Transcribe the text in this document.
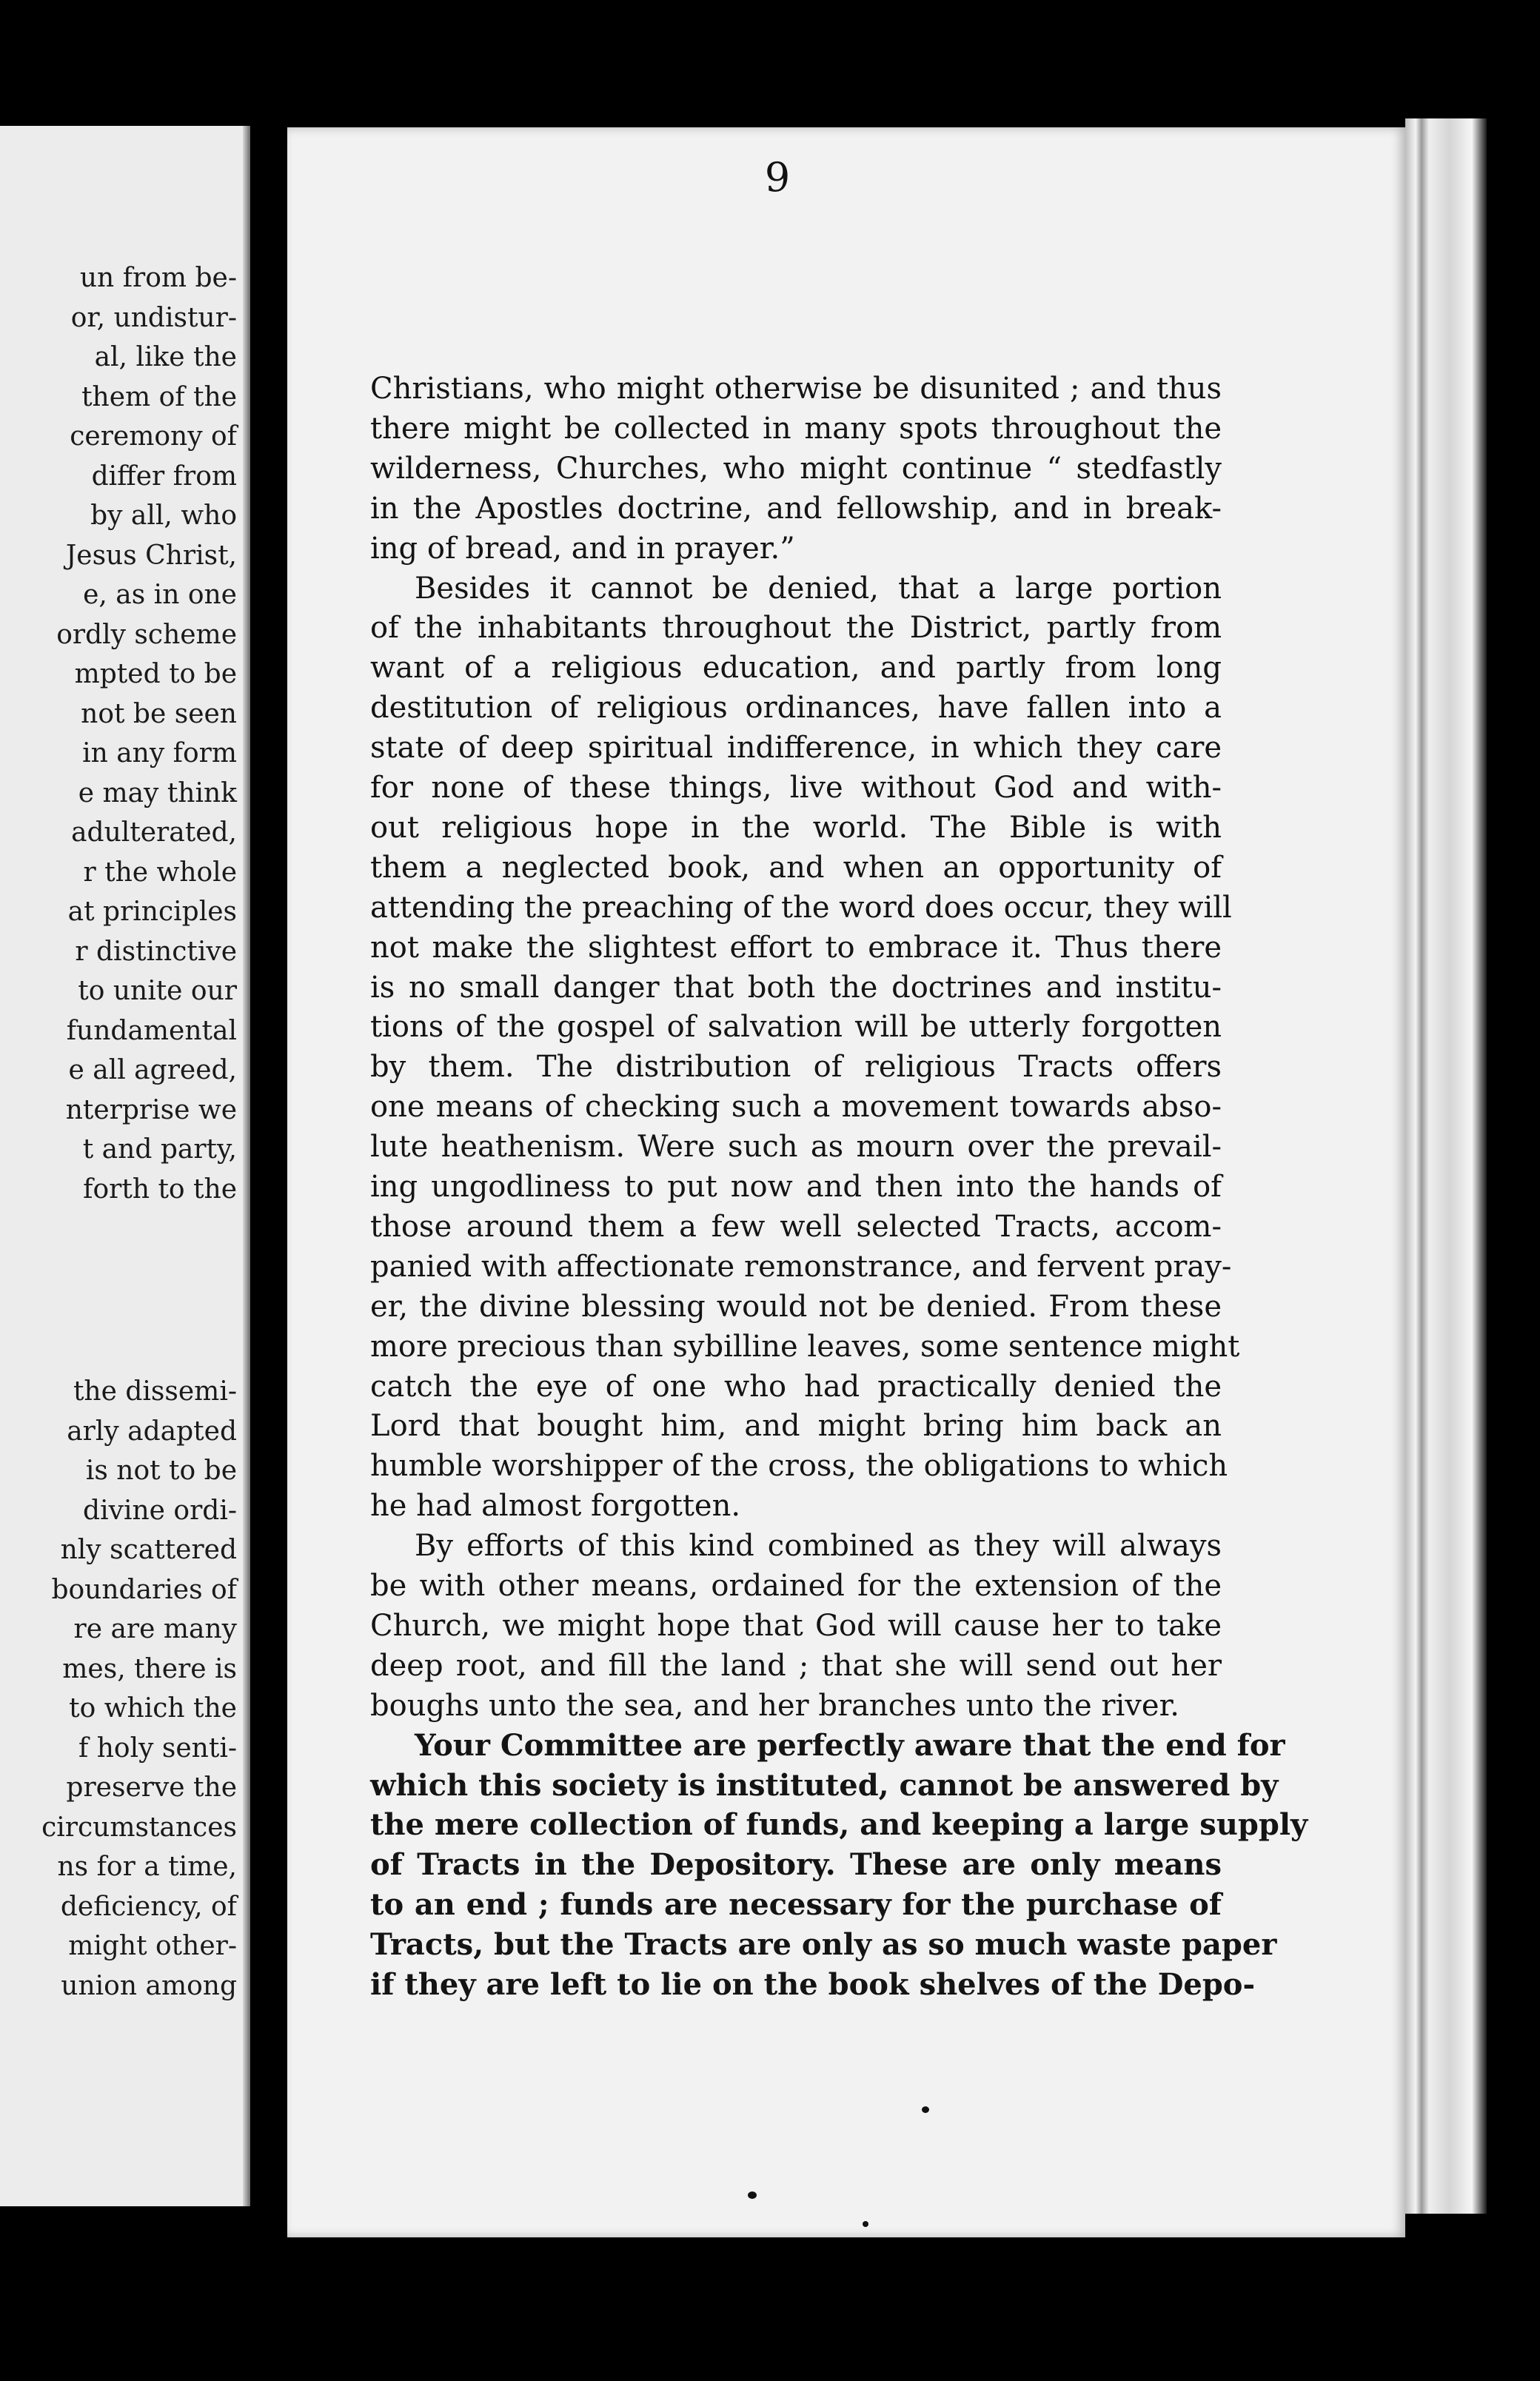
un from be-
or, undistur-
al, like the
them of the
ceremony of
differ from
by all, who
Jesus Christ,
e, as in one
ordly scheme
mpted to be
not be seen
in any form
e may think
adulterated,
r the whole
at principles
r distinctive
to unite our
fundamental
e all agreed,
nterprise we
t and party,
forth to the
the dissemi-
arly adapted
is not to be
divine ordi-
nly scattered
boundaries of
re are many
mes, there is
to which the
f holy senti-
preserve the
circumstances
ns for a time,
deficiency, of
might other-
union among
9
Christians, who might otherwise be disunited ; and thus
there might be collected in many spots throughout the
wilderness, Churches, who might continue “ stedfastly
in the Apostles doctrine, and fellowship, and in break-
ing of bread, and in prayer.”
Besides it cannot be denied, that a large portion
of the inhabitants throughout the District, partly from
want of a religious education, and partly from long
destitution of religious ordinances, have fallen into a
state of deep spiritual indifference, in which they care
for none of these things, live without God and with-
out religious hope in the world. The Bible is with
them a neglected book, and when an opportunity of
attending the preaching of the word does occur, they will
not make the slightest effort to embrace it. Thus there
is no small danger that both the doctrines and institu-
tions of the gospel of salvation will be utterly forgotten
by them. The distribution of religious Tracts offers
one means of checking such a movement towards abso-
lute heathenism. Were such as mourn over the prevail-
ing ungodliness to put now and then into the hands of
those around them a few well selected Tracts, accom-
panied with affectionate remonstrance, and fervent pray-
er, the divine blessing would not be denied. From these
more precious than sybilline leaves, some sentence might
catch the eye of one who had practically denied the
Lord that bought him, and might bring him back an
humble worshipper of the cross, the obligations to which
he had almost forgotten.
By efforts of this kind combined as they will always
be with other means, ordained for the extension of the
Church, we might hope that God will cause her to take
deep root, and fill the land ; that she will send out her
boughs unto the sea, and her branches unto the river.
Your Committee are perfectly aware that the end for
which this society is instituted, cannot be answered by
the mere collection of funds, and keeping a large supply
of Tracts in the Depository. These are only means
to an end ; funds are necessary for the purchase of
Tracts, but the Tracts are only as so much waste paper
if they are left to lie on the book shelves of the Depo-
